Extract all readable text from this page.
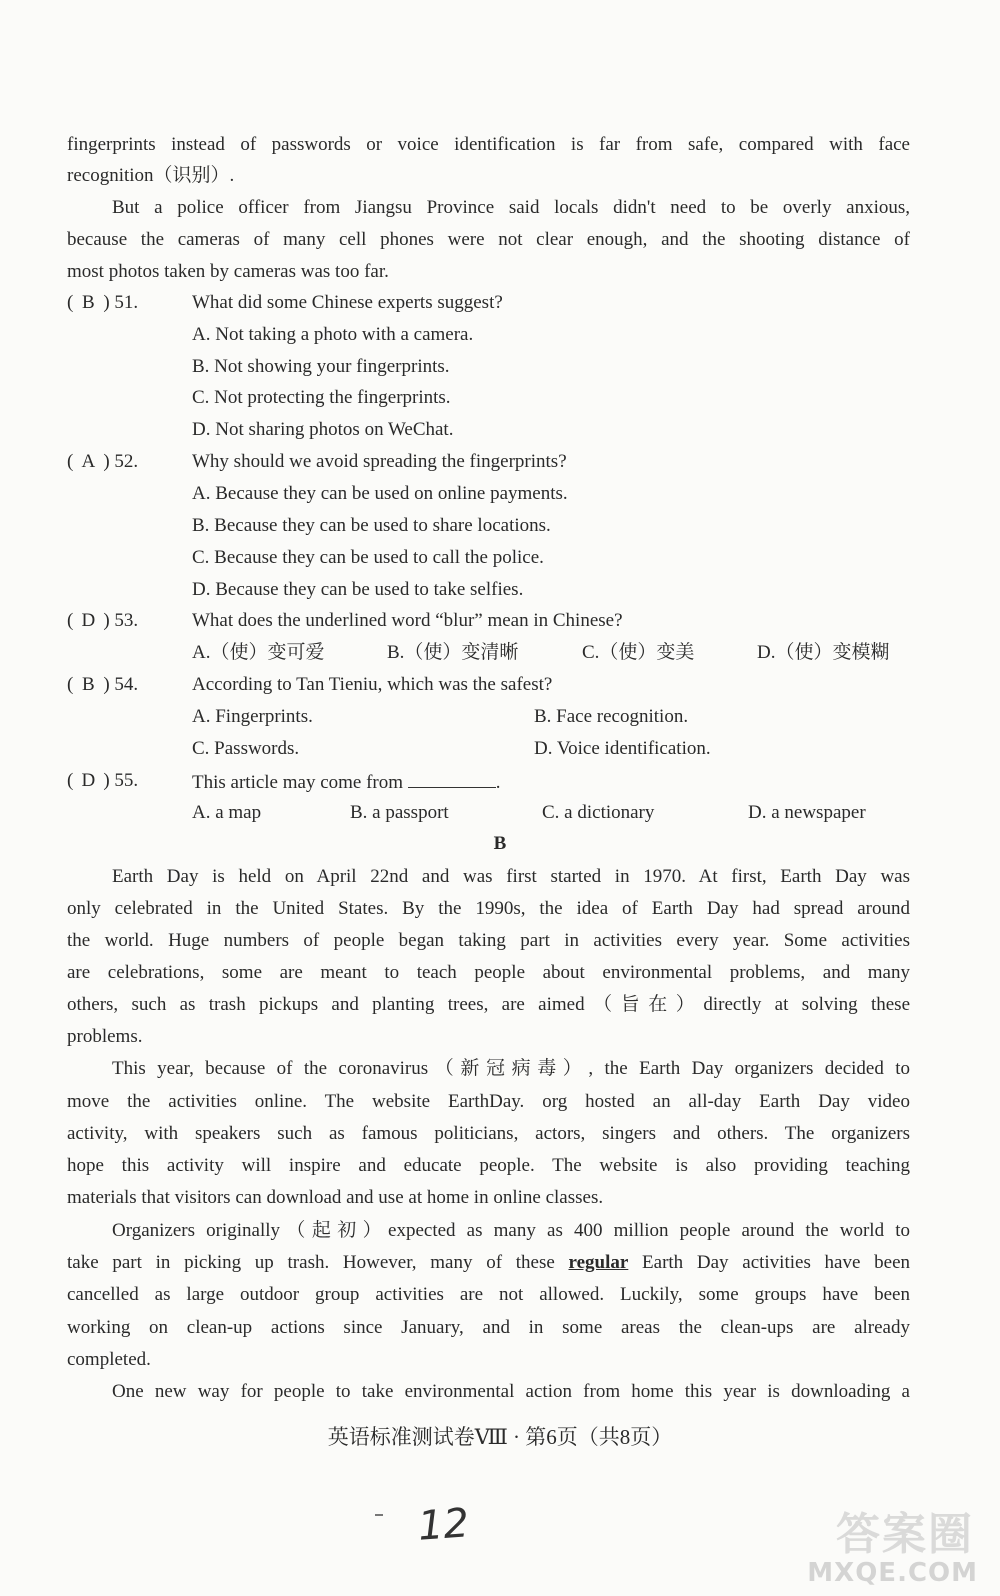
fingerprints instead of passwords or voice identification is far from safe, compared with face
recognition（识别）.
But a police officer from Jiangsu Province said locals didn't need to be overly anxious,
because the cameras of many cell phones were not clear enough, and the shooting distance of
most photos taken by cameras was too far.
( B ) 51.	What did some Chinese experts suggest?
A. Not taking a photo with a camera.
B. Not showing your fingerprints.
C. Not protecting the fingerprints.
D. Not sharing photos on WeChat.
( A ) 52.	Why should we avoid spreading the fingerprints?
A. Because they can be used on online payments.
B. Because they can be used to share locations.
C. Because they can be used to call the police.
D. Because they can be used to take selfies.
( D ) 53.	What does the underlined word “blur” mean in Chinese?
A.（使）变可爱	B.（使）变清晰	C.（使）变美	D.（使）变模糊
( B ) 54.	According to Tan Tieniu, which was the safest?
A. Fingerprints.	B. Face recognition.
C. Passwords.	D. Voice identification.
( D ) 55.	This article may come from	.
A. a map	B. a passport	C. a dictionary	D. a newspaper
B
Earth Day is held on April 22nd and was first started in 1970. At first, Earth Day was
only celebrated in the United States. By the 1990s, the idea of Earth Day had spread around
the world. Huge numbers of people began taking part in activities every year. Some activities
are celebrations, some are meant to teach people about environmental problems, and many
others, such as trash pickups and planting trees, are aimed（旨在）directly at solving these
problems.
This year, because of the coronavirus（新冠病毒）, the Earth Day organizers decided to
move the activities online. The website EarthDay. org hosted an all-day Earth Day video
activity, with speakers such as famous politicians, actors, singers and others. The organizers
hope this activity will inspire and educate people. The website is also providing teaching
materials that visitors can download and use at home in online classes.
Organizers originally（起初）expected as many as 400 million people around the world to
take part in picking up trash. However, many of these regular Earth Day activities have been
cancelled as large outdoor group activities are not allowed. Luckily, some groups have been
working on clean-up actions since January, and in some areas the clean-ups are already
completed.
One new way for people to take environmental action from home this year is downloading a
英语标准测试卷Ⅷ · 第6页（共8页）
12	答案圈
MXQE.COM
